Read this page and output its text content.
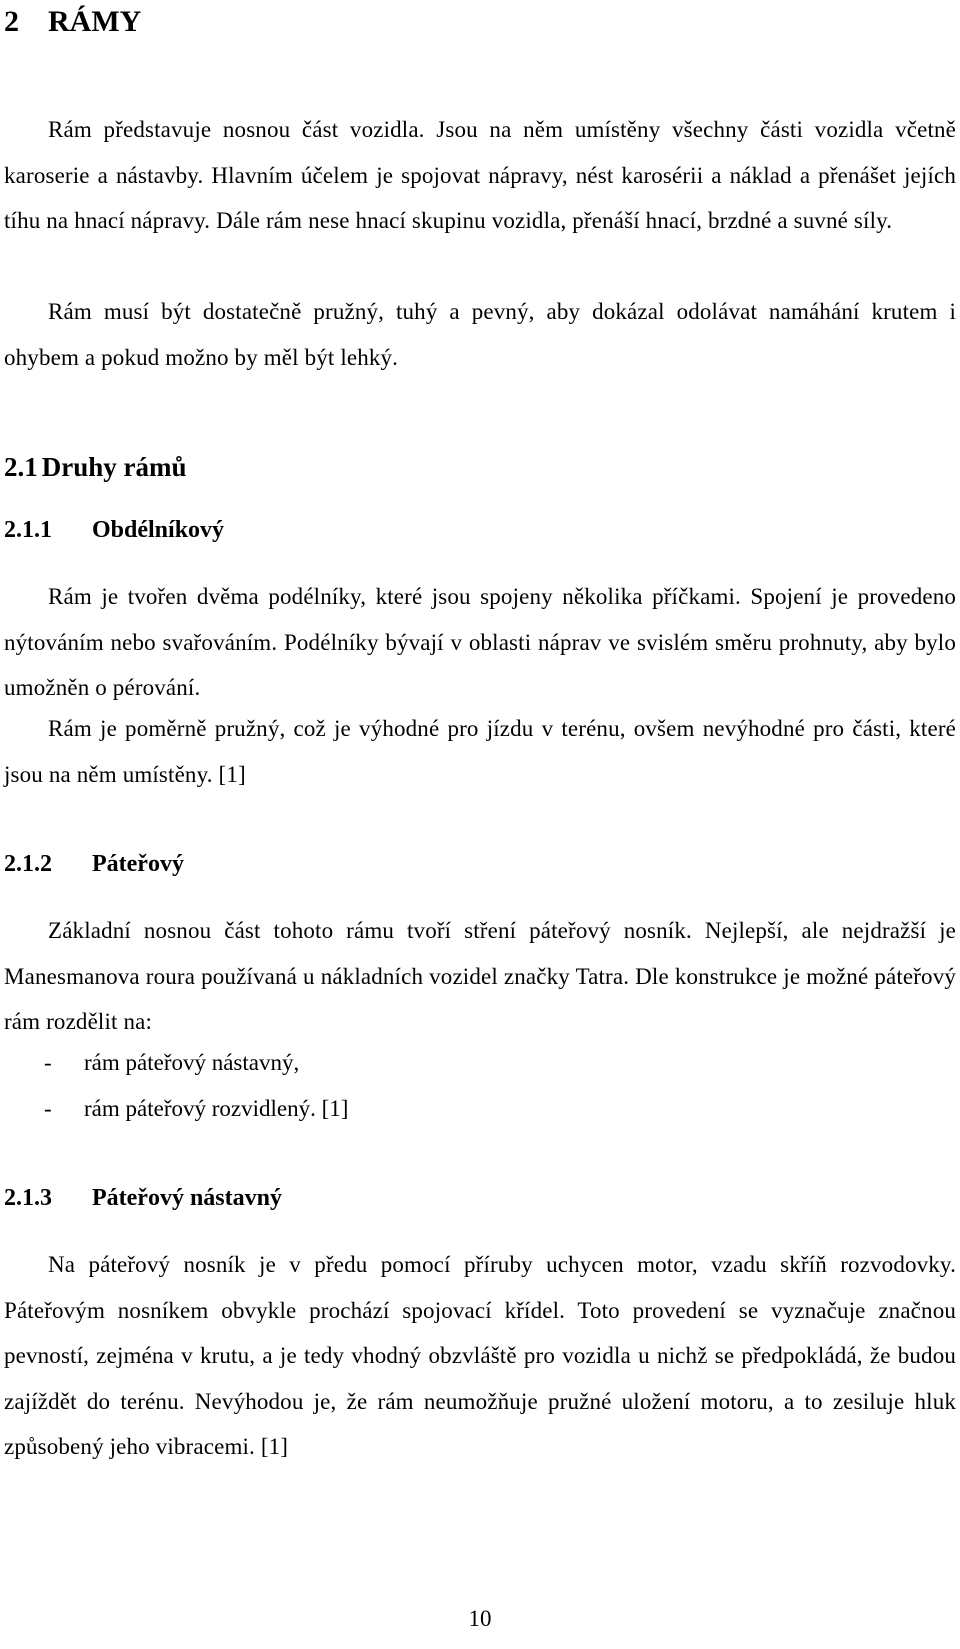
2 RÁMY

Rám představuje nosnou část vozidla. Jsou na něm umístěny všechny části vozidla včetně karoserie a nástavby. Hlavním účelem je spojovat nápravy, nést karosérii a náklad a přenášet jejích tíhu na hnací nápravy. Dále rám nese hnací skupinu vozidla, přenáší hnací, brzdné a suvné síly.

Rám musí být dostatečně pružný, tuhý a pevný, aby dokázal odolávat namáhání krutem i ohybem a pokud možno by měl být lehký.

2.1 Druhy rámů
2.1.1 Obdélníkový

Rám je tvořen dvěma podélníky, které jsou spojeny několika příčkami. Spojení je provedeno nýtováním nebo svařováním. Podélníky bývají v oblasti náprav ve svislém směru prohnuty, aby bylo umožněn o pérování.

Rám je poměrně pružný, což je výhodné pro jízdu v terénu, ovšem nevýhodné pro části, které jsou na něm umístěny. [1]

2.1.2 Páteřový

Základní nosnou část tohoto rámu tvoří stření páteřový nosník. Nejlepší, ale nejdražší je Manesmanova roura používaná u nákladních vozidel značky Tatra. Dle konstrukce je možné páteřový rám rozdělit na:

- rám páteřový nástavný,
- rám páteřový rozvidlený. [1]
2.1.3 Páteřový nástavný

Na páteřový nosník je v předu pomocí příruby uchycen motor, vzadu skříň rozvodovky. Páteřovým nosníkem obvykle prochází spojovací křídel. Toto provedení se vyznačuje značnou pevností, zejména v krutu, a je tedy vhodný obzvláště pro vozidla u nichž se předpokládá, že budou zajíždět do terénu. Nevýhodou je, že rám neumožňuje pružné uložení motoru, a to zesiluje hluk způsobený jeho vibracemi. [1]

10
